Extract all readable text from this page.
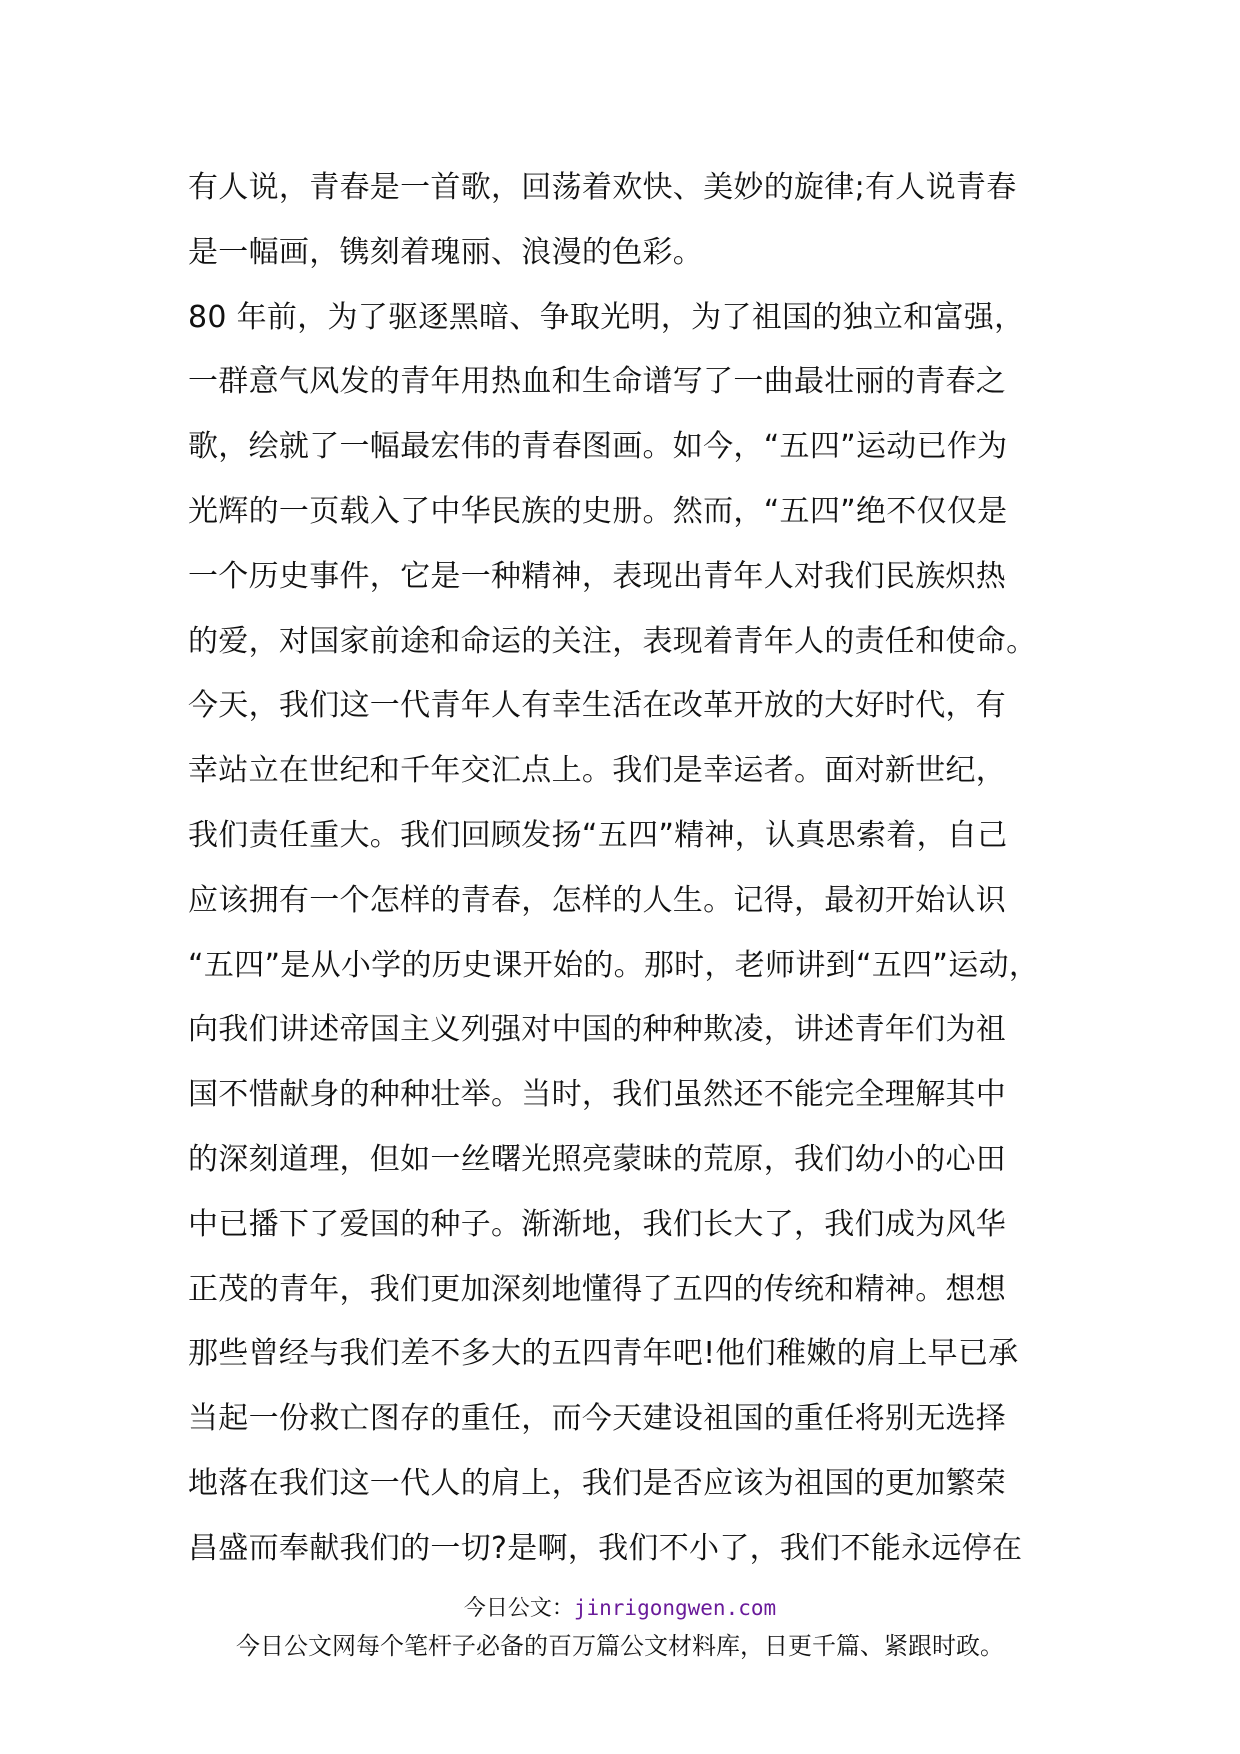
有人说，青春是一首歌，回荡着欢快、美妙的旋律;有人说青春
是一幅画，镌刻着瑰丽、浪漫的色彩。
80 年前，为了驱逐黑暗、争取光明，为了祖国的独立和富强，
一群意气风发的青年用热血和生命谱写了一曲最壮丽的青春之
歌，绘就了一幅最宏伟的青春图画。如今，“五四”运动已作为
光辉的一页载入了中华民族的史册。然而，“五四”绝不仅仅是
一个历史事件，它是一种精神，表现出青年人对我们民族炽热
的爱，对国家前途和命运的关注，表现着青年人的责任和使命。
今天，我们这一代青年人有幸生活在改革开放的大好时代，有
幸站立在世纪和千年交汇点上。我们是幸运者。面对新世纪，
我们责任重大。我们回顾发扬“五四”精神，认真思索着，自己
应该拥有一个怎样的青春，怎样的人生。记得，最初开始认识
“五四”是从小学的历史课开始的。那时，老师讲到“五四”运动，
向我们讲述帝国主义列强对中国的种种欺凌，讲述青年们为祖
国不惜献身的种种壮举。当时，我们虽然还不能完全理解其中
的深刻道理，但如一丝曙光照亮蒙昧的荒原，我们幼小的心田
中已播下了爱国的种子。渐渐地，我们长大了，我们成为风华
正茂的青年，我们更加深刻地懂得了五四的传统和精神。想想
那些曾经与我们差不多大的五四青年吧!他们稚嫩的肩上早已承
当起一份救亡图存的重任，而今天建设祖国的重任将别无选择
地落在我们这一代人的肩上，我们是否应该为祖国的更加繁荣
昌盛而奉献我们的一切?是啊，我们不小了，我们不能永远停在
今日公文：jinrigongwen.com
今日公文网每个笔杆子必备的百万篇公文材料库，日更千篇、紧跟时政。
